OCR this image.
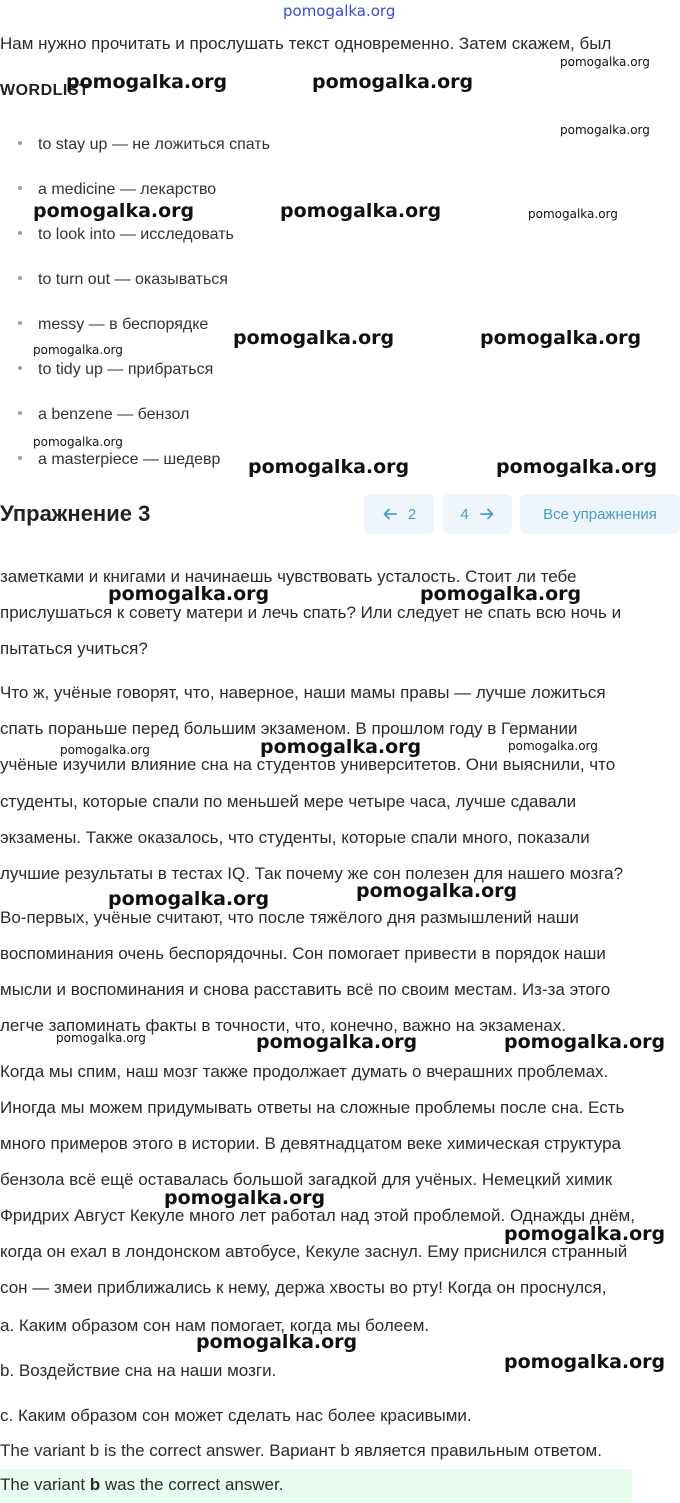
pomogalka.org
Нам нужно прочитать и прослушать текст одновременно. Затем скажем, был
WORDLIST
to stay up — не ложиться спать
a medicine — лекарство
to look into — исследовать
to turn out — оказываться
messy — в беспорядке
to tidy up — прибраться
a benzene — бензол
a masterpiece — шедевр
Упражнение 3	2	4	Все упражнения
заметками и книгами и начинаешь чувствовать усталость. Стоит ли тебе
прислушаться к совету матери и лечь спать? Или следует не спать всю ночь и
пытаться учиться?
Что ж, учёные говорят, что, наверное, наши мамы правы — лучше ложиться
спать пораньше перед большим экзаменом. В прошлом году в Германии
учёные изучили влияние сна на студентов университетов. Они выяснили, что
студенты, которые спали по меньшей мере четыре часа, лучше сдавали
экзамены. Также оказалось, что студенты, которые спали много, показали
лучшие результаты в тестах IQ. Так почему же сон полезен для нашего мозга?
Во-первых, учёные считают, что после тяжёлого дня размышлений наши
воспоминания очень беспорядочны. Сон помогает привести в порядок наши
мысли и воспоминания и снова расставить всё по своим местам. Из-за этого
легче запоминать факты в точности, что, конечно, важно на экзаменах.
Когда мы спим, наш мозг также продолжает думать о вчерашних проблемах.
Иногда мы можем придумывать ответы на сложные проблемы после сна. Есть
много примеров этого в истории. В девятнадцатом веке химическая структура
бензола всё ещё оставалась большой загадкой для учёных. Немецкий химик
Фридрих Август Кекуле много лет работал над этой проблемой. Однажды днём,
когда он ехал в лондонском автобусе, Кекуле заснул. Ему приснился странный
сон — змеи приближались к нему, держа хвосты во рту! Когда он проснулся,
a. Каким образом сон нам помогает, когда мы болеем.
b. Воздействие сна на наши мозги.
c. Каким образом сон может сделать нас более красивыми.
The variant b is the correct answer. Вариант b является правильным ответом.
The variant b was the correct answer.
pomogalka.org	pomogalka.org
pomogalka.org
pomogalka.org
pomogalka.org	pomogalka.org	pomogalka.org
pomogalka.org	pomogalka.org
pomogalka.org
pomogalka.org
pomogalka.org	pomogalka.org
pomogalka.org	pomogalka.org
pomogalka.org	pomogalka.org	pomogalka.org
pomogalka.org	pomogalka.org
pomogalka.org	pomogalka.org	pomogalka.org
pomogalka.org
pomogalka.org
pomogalka.org
pomogalka.org
